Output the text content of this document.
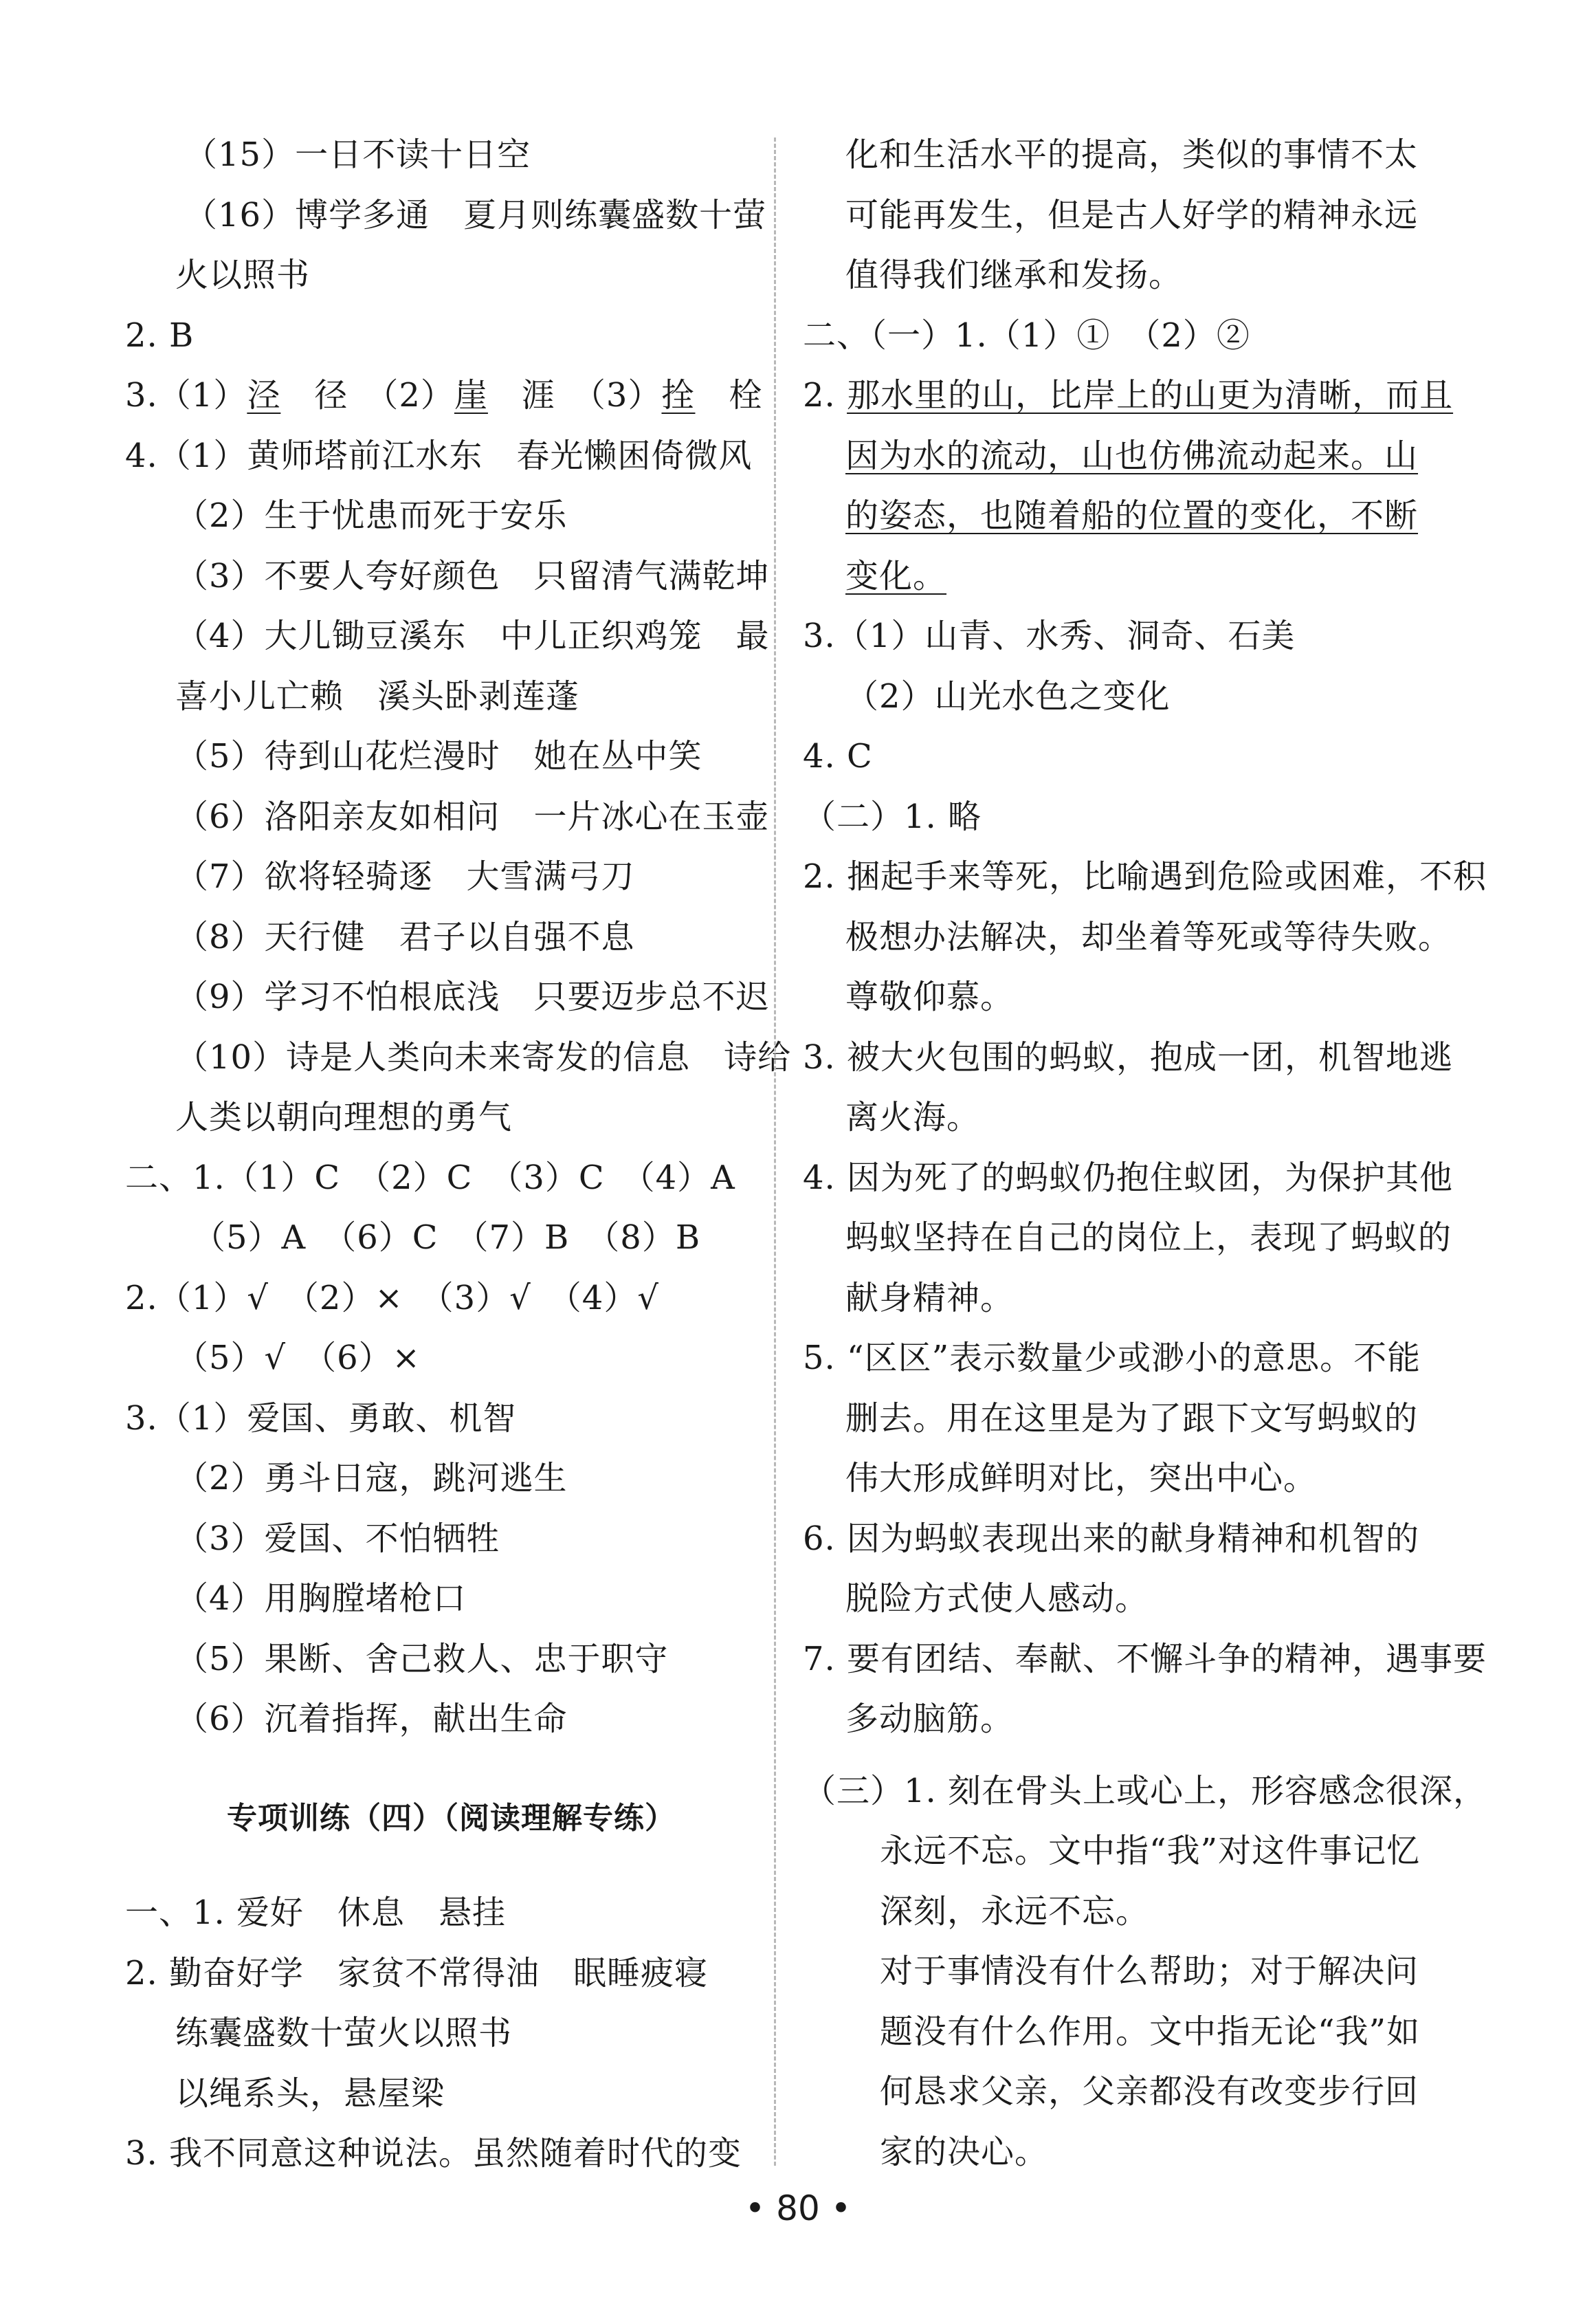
（15）一日不读十日空
（16）博学多通　夏月则练囊盛数十萤
火以照书
2. B
3.（1）泾　径　（2）崖　涯　（3）拴　栓
4.（1）黄师塔前江水东　春光懒困倚微风
（2）生于忧患而死于安乐
（3）不要人夸好颜色　只留清气满乾坤
（4）大儿锄豆溪东　中儿正织鸡笼　最
喜小儿亡赖　溪头卧剥莲蓬
（5）待到山花烂漫时　她在丛中笑
（6）洛阳亲友如相问　一片冰心在玉壶
（7）欲将轻骑逐　大雪满弓刀
（8）天行健　君子以自强不息
（9）学习不怕根底浅　只要迈步总不迟
（10）诗是人类向未来寄发的信息　诗给
人类以朝向理想的勇气
二、1.（1）C　（2）C　（3）C　（4）A
（5）A　（6）C　（7）B　（8）B
2.（1）√　（2）×　（3）√　（4）√
（5）√　（6）×
3.（1）爱国、勇敢、机智
（2）勇斗日寇，跳河逃生
（3）爱国、不怕牺牲
（4）用胸膛堵枪口
（5）果断、舍己救人、忠于职守
（6）沉着指挥，献出生命
专项训练（四）（阅读理解专练）
一、1. 爱好　休息　悬挂
2. 勤奋好学　家贫不常得油　眠睡疲寝
练囊盛数十萤火以照书
以绳系头，悬屋梁
3. 我不同意这种说法。虽然随着时代的变
化和生活水平的提高，类似的事情不太
可能再发生，但是古人好学的精神永远
值得我们继承和发扬。
二、（一）1.（1）①　（2）②
2. 那水里的山，比岸上的山更为清晰，而且
因为水的流动，山也仿佛流动起来。山
的姿态，也随着船的位置的变化，不断
变化。
3.（1）山青、水秀、洞奇、石美
（2）山光水色之变化
4. C
（二）1. 略
2. 捆起手来等死，比喻遇到危险或困难，不积
极想办法解决，却坐着等死或等待失败。
尊敬仰慕。
3. 被大火包围的蚂蚁，抱成一团，机智地逃
离火海。
4. 因为死了的蚂蚁仍抱住蚁团，为保护其他
蚂蚁坚持在自己的岗位上，表现了蚂蚁的
献身精神。
5. “区区”表示数量少或渺小的意思。不能
删去。用在这里是为了跟下文写蚂蚁的
伟大形成鲜明对比，突出中心。
6. 因为蚂蚁表现出来的献身精神和机智的
脱险方式使人感动。
7. 要有团结、奉献、不懈斗争的精神，遇事要
多动脑筋。
（三）1. 刻在骨头上或心上，形容感念很深，
永远不忘。文中指“我”对这件事记忆
深刻，永远不忘。
对于事情没有什么帮助；对于解决问
题没有什么作用。文中指无论“我”如
何恳求父亲，父亲都没有改变步行回
家的决心。
• 80 •
